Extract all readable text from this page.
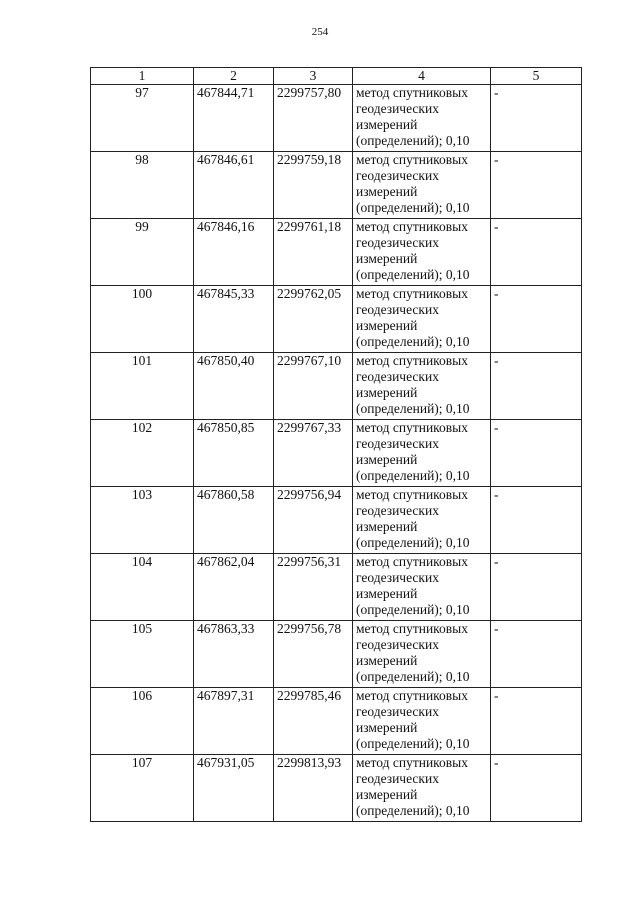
254
1	2	3	4	5
97	467844,71	2299757,80	метод спутниковых геодезических измерений (определений); 0,10	-
98	467846,61	2299759,18	метод спутниковых геодезических измерений (определений); 0,10	-
99	467846,16	2299761,18	метод спутниковых геодезических измерений (определений); 0,10	-
100	467845,33	2299762,05	метод спутниковых геодезических измерений (определений); 0,10	-
101	467850,40	2299767,10	метод спутниковых геодезических измерений (определений); 0,10	-
102	467850,85	2299767,33	метод спутниковых геодезических измерений (определений); 0,10	-
103	467860,58	2299756,94	метод спутниковых геодезических измерений (определений); 0,10	-
104	467862,04	2299756,31	метод спутниковых геодезических измерений (определений); 0,10	-
105	467863,33	2299756,78	метод спутниковых геодезических измерений (определений); 0,10	-
106	467897,31	2299785,46	метод спутниковых геодезических измерений (определений); 0,10	-
107	467931,05	2299813,93	метод спутниковых геодезических измерений (определений); 0,10	-
